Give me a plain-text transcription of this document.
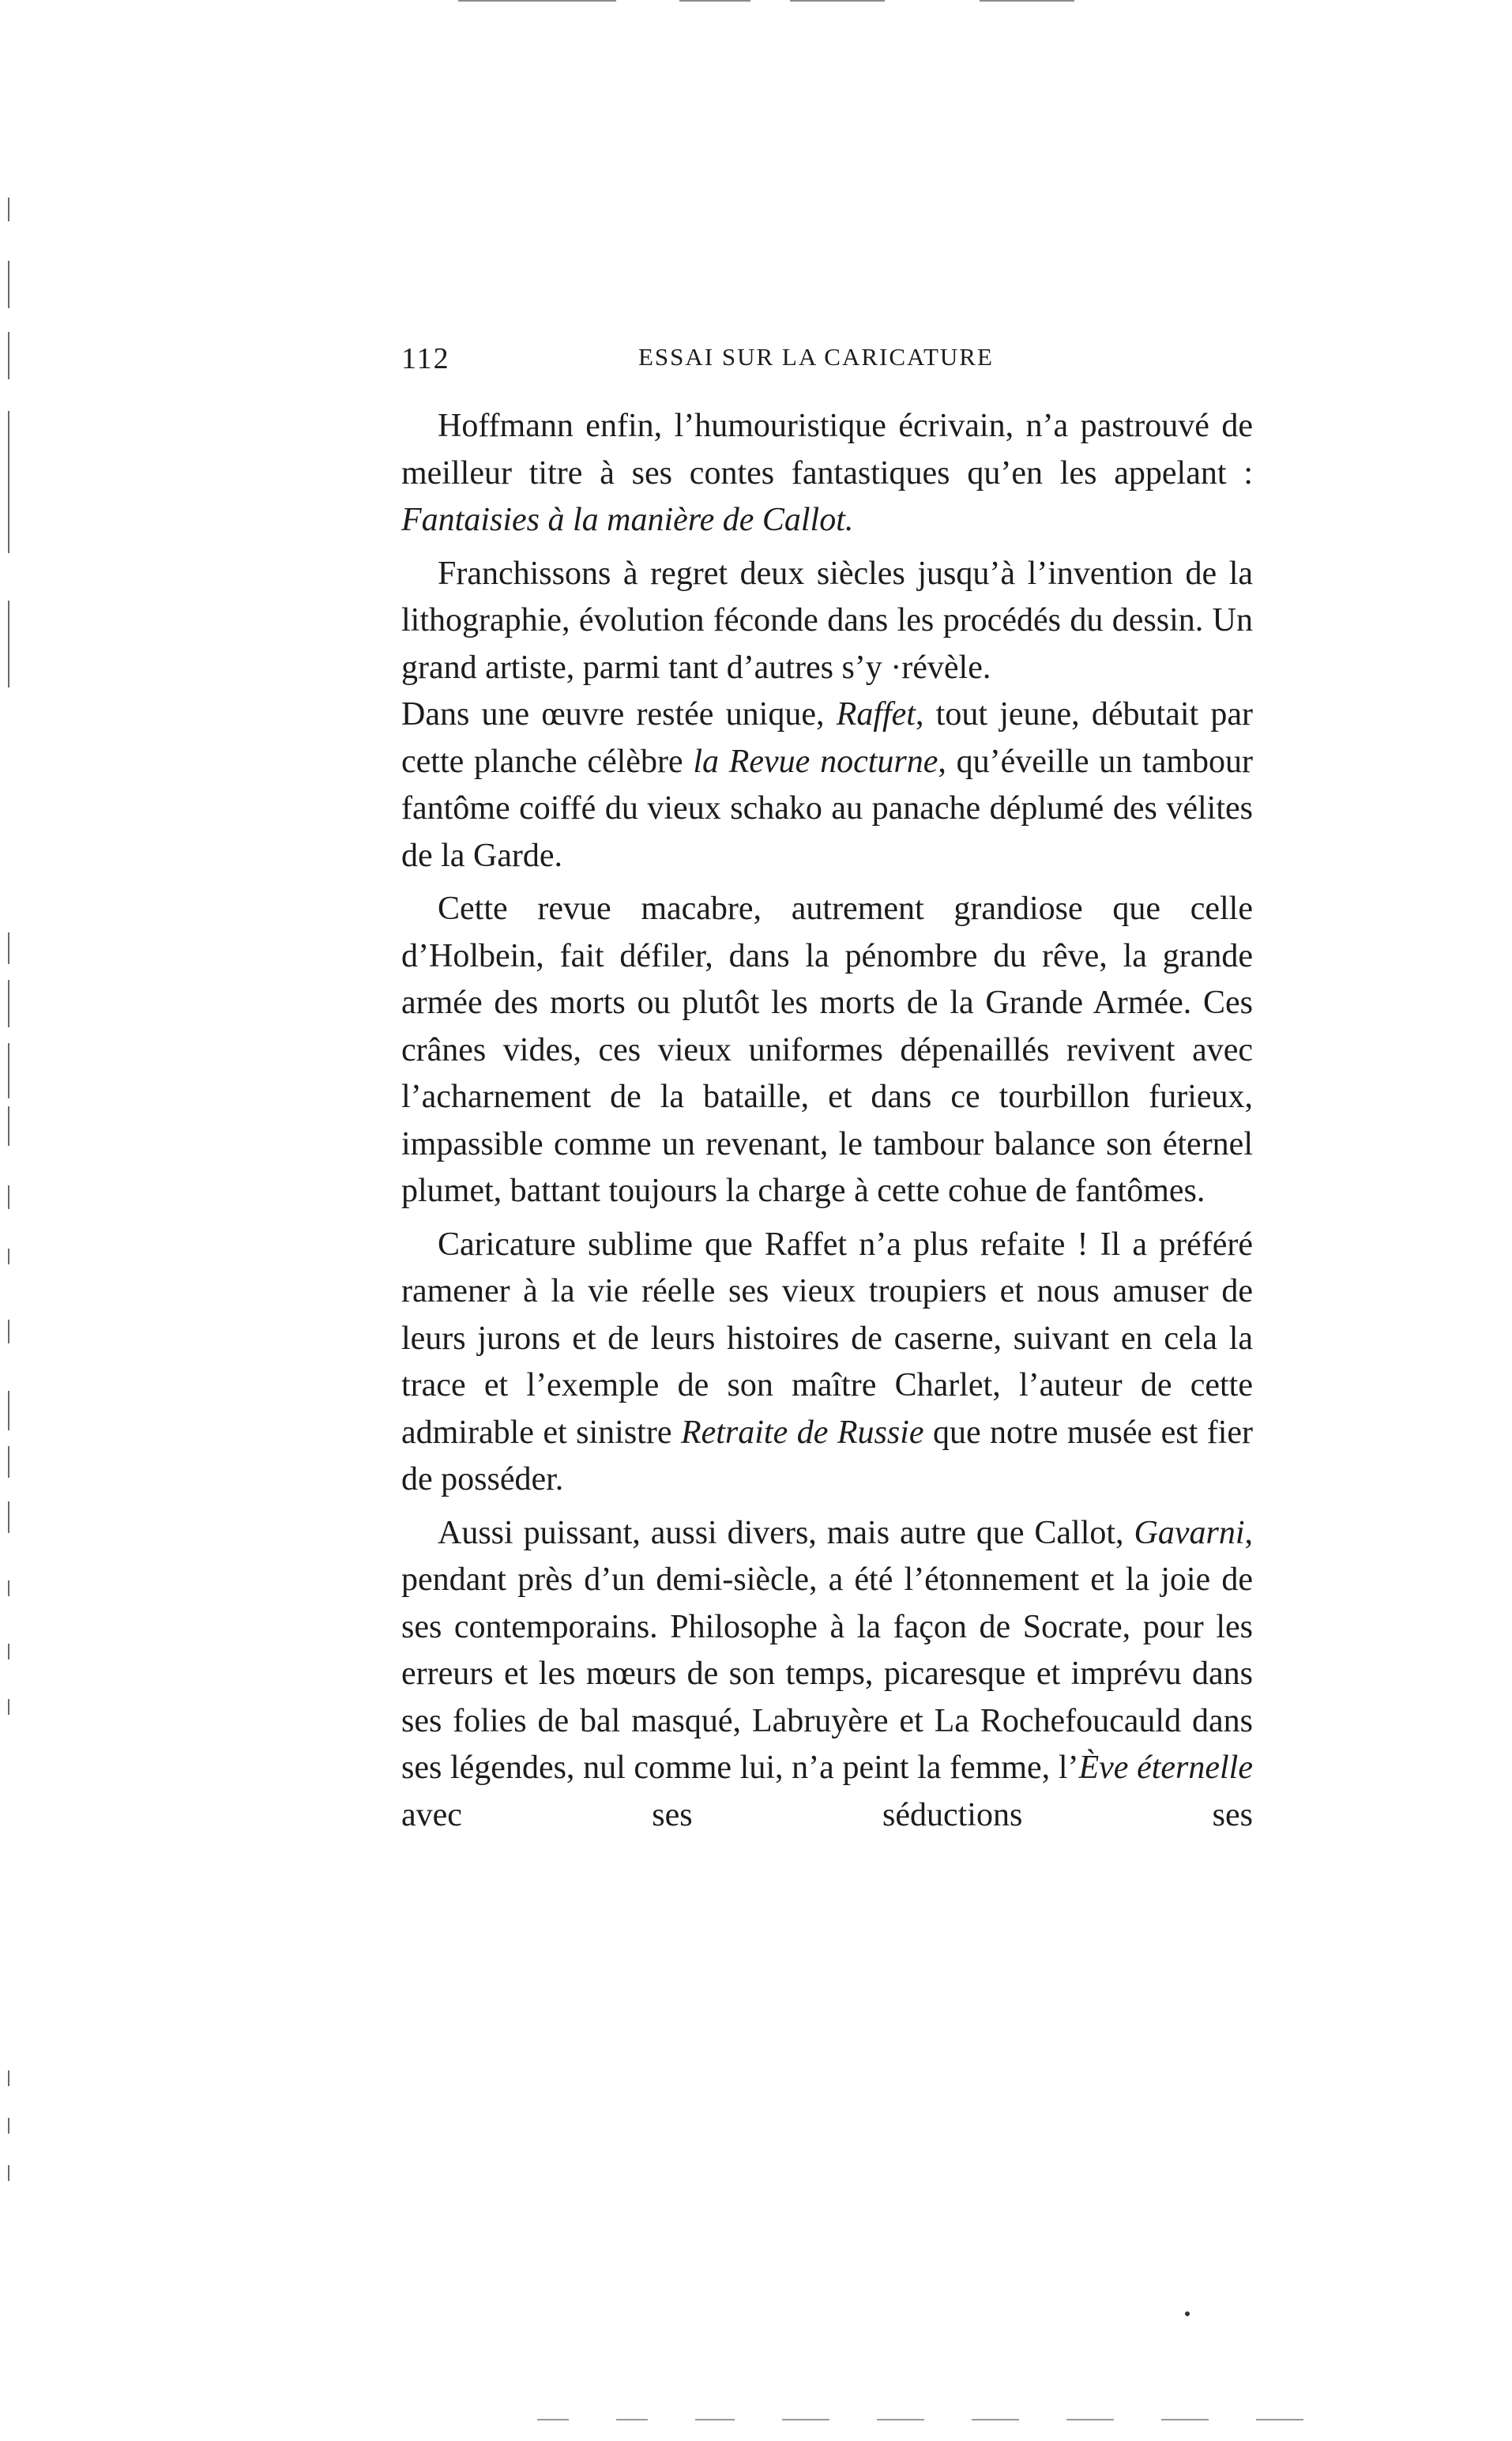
112	ESSAI SUR LA CARICATURE

Hoffmann enfin, l’humouristique écrivain, n’a pastrouvé de meilleur titre à ses contes fantastiques qu’en les appelant : Fantaisies à la manière de Callot.

Franchissons à regret deux siècles jusqu’à l’invention de la lithographie, évolution féconde dans les procédés du dessin. Un grand artiste, parmi tant d’autres s’y ·révèle.

Dans une œuvre restée unique, Raffet, tout jeune, débutait par cette planche célèbre la Revue nocturne, qu’éveille un tambour fantôme coiffé du vieux schako au panache déplumé des vélites de la Garde.

Cette revue macabre, autrement grandiose que celle d’Holbein, fait défiler, dans la pénombre du rêve, la grande armée des morts ou plutôt les morts de la Grande Armée. Ces crânes vides, ces vieux uniformes dépenaillés revivent avec l’acharnement de la bataille, et dans ce tourbillon furieux, impassible comme un revenant, le tambour balance son éternel plumet, battant toujours la charge à cette cohue de fantômes.

Caricature sublime que Raffet n’a plus refaite ! Il a préféré ramener à la vie réelle ses vieux troupiers et nous amuser de leurs jurons et de leurs histoires de caserne, suivant en cela la trace et l’exemple de son maître Charlet, l’auteur de cette admirable et sinistre Retraite de Russie que notre musée est fier de posséder.

Aussi puissant, aussi divers, mais autre que Callot, Gavarni, pendant près d’un demi-siècle, a été l’étonnement et la joie de ses contemporains. Philosophe à la façon de Socrate, pour les erreurs et les mœurs de son temps, picaresque et imprévu dans ses folies de bal masqué, Labruyère et La Rochefoucauld dans ses légendes, nul comme lui, n’a peint la femme, l’Ève éternelle avec ses séductions ses
